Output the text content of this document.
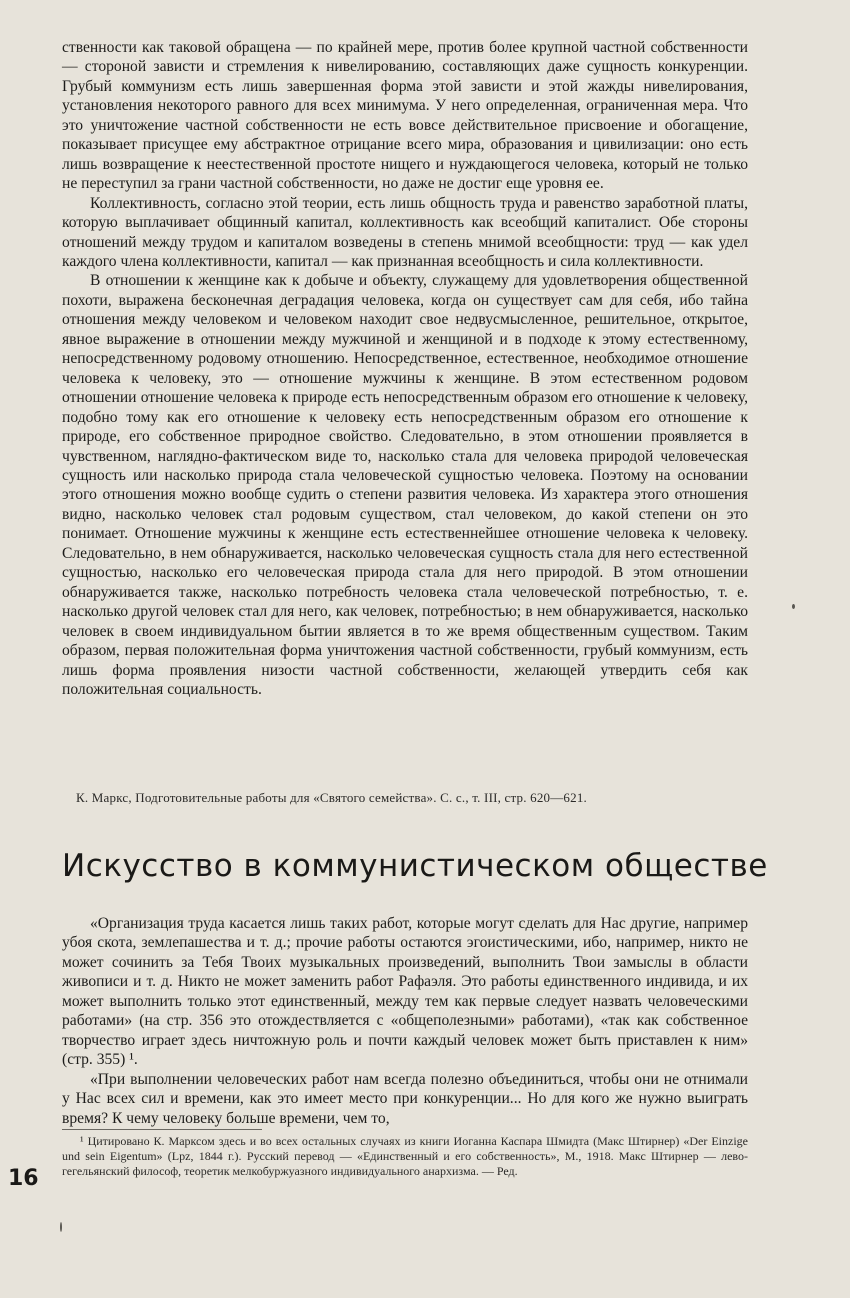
ственности как таковой обращена — по крайней мере, против более крупной частной собственности — стороной зависти и стремления к нивелированию, составляющих даже сущность конкуренции. Грубый коммунизм есть лишь завершенная форма этой зависти и этой жажды нивелирования, установления некоторого равного для всех минимума. У него определенная, ограниченная мера. Что это уничтожение частной собственности не есть вовсе действительное присвоение и обогащение, показывает присущее ему абстрактное отрицание всего мира, образования и цивилизации: оно есть лишь возвращение к неестественной простоте нищего и нуждающегося человека, который не только не переступил за грани частной собственности, но даже не достиг еще уровня ее.

Коллективность, согласно этой теории, есть лишь общность труда и равенство заработной платы, которую выплачивает общинный капитал, коллективность как всеобщий капиталист. Обе стороны отношений между трудом и капиталом возведены в степень мнимой всеобщности: труд — как удел каждого члена коллективности, капитал — как признанная всеобщность и сила коллективности.

В отношении к женщине как к добыче и объекту, служащему для удовлетворения общественной похоти, выражена бесконечная деградация человека, когда он существует сам для себя, ибо тайна отношения между человеком и человеком находит свое недвусмысленное, решительное, открытое, явное выражение в отношении между мужчиной и женщиной и в подходе к этому естественному, непосредственному родовому отношению. Непосредственное, естественное, необходимое отношение человека к человеку, это — отношение мужчины к женщине. В этом естественном родовом отношении отношение человека к природе есть непосредственным образом его отношение к человеку, подобно тому как его отношение к человеку есть непосредственным образом его отношение к природе, его собственное природное свойство. Следовательно, в этом отношении проявляется в чувственном, наглядно-фактическом виде то, насколько стала для человека природой человеческая сущность или насколько природа стала человеческой сущностью человека. Поэтому на основании этого отношения можно вообще судить о степени развития человека. Из характера этого отношения видно, насколько человек стал родовым существом, стал человеком, до какой степени он это понимает. Отношение мужчины к женщине есть естественнейшее отношение человека к человеку. Следовательно, в нем обнаруживается, насколько человеческая сущность стала для него естественной сущностью, насколько его человеческая природа стала для него природой. В этом отношении обнаруживается также, насколько потребность человека стала человеческой потребностью, т. е. насколько другой человек стал для него, как человек, потребностью; в нем обнаруживается, насколько человек в своем индивидуальном бытии является в то же время общественным существом. Таким образом, первая положительная форма уничтожения частной собственности, грубый коммунизм, есть лишь форма проявления низости частной собственности, желающей утвердить себя как положительная социальность.

К. Маркс, Подготовительные работы для «Святого семейства». С. с., т. III, стр. 620—621.
Искусство в коммунистическом обществе

«Организация труда касается лишь таких работ, которые могут сделать для Нас другие, например убоя скота, землепашества и т. д.; прочие работы остаются эгоистическими, ибо, например, никто не может сочинить за Тебя Твоих музыкальных произведений, выполнить Твои замыслы в области живописи и т. д. Никто не может заменить работ Рафаэля. Это работы единственного индивида, и их может выполнить только этот единственный, между тем как первые следует назвать человеческими работами» (на стр. 356 это отождествляется с «общеполезными» работами), «так как собственное творчество играет здесь ничтожную роль и почти каждый человек может быть приставлен к ним» (стр. 355) ¹.

«При выполнении человеческих работ нам всегда полезно объединиться, чтобы они не отнимали у Нас всех сил и времени, как это имеет место при конкуренции... Но для кого же нужно выиграть время? К чему человеку больше времени, чем то,

¹ Цитировано К. Марксом здесь и во всех остальных случаях из книги Иоганна Каспара Шмидта (Макс Штирнер) «Der Einzige und sein Eigentum» (Lpz, 1844 г.). Русский перевод — «Единственный и его собственность», М., 1918. Макс Штирнер — лево-гегельянский философ, теоретик мелкобуржуазного индивидуального анархизма. — Ред.

16
